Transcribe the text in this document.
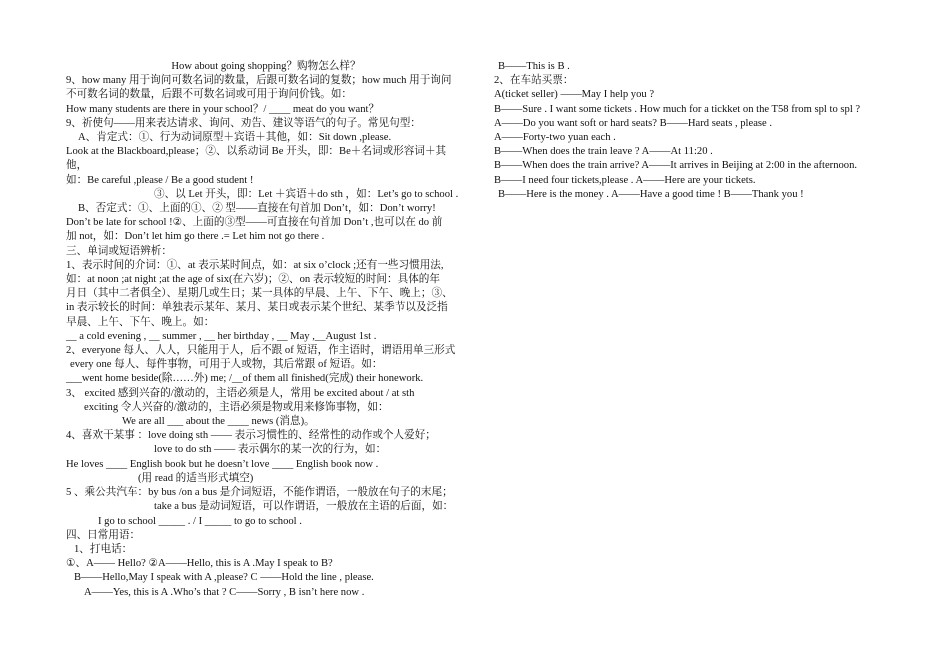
How about going shopping？购物怎么样？
9、how many 用于询问可数名词的数量，后跟可数名词的复数；how much 用于询问
不可数名词的数量，后跟不可数名词或可用于询问价钱。如：
How many students are there in your school？/ ____ meat do you want？
9、祈使句——用来表达请求、询问、劝告、建议等语气的句子。常见句型：
A、肯定式：①、行为动词原型＋宾语＋其他，如：Sit down ,please.
Look at the Blackboard,please；②、以系动词 Be 开头，即：Be＋名词或形容词＋其他，
如：Be careful ,please / Be a good student !
③、以 Let 开头，即：Let ＋宾语＋do sth ，如：Let’s go to school .
B、否定式：①、上面的①、② 型——直接在句首加 Don’t，如：Don’t worry!
Don’t be late for school !②、上面的③型——可直接在句首加 Don’t ,也可以在 do 前
加 not，如：Don’t let him go there .= Let him not go there .
三、单词或短语辨析：
1、表示时间的介词：①、at 表示某时间点，如：at six o’clock ;还有一些习惯用法,
如：at noon ;at night ;at the age of six(在六岁)；②、on 表示较短的时间：具体的年
月日（其中二者俱全）、星期几或生日；某一具体的早晨、上午、下午、晚上；③、
in 表示较长的时间：单独表示某年、某月、某日或表示某个世纪、某季节以及泛指
早晨、上午、下午、晚上。如：
__ a cold evening , __ summer , __ her birthday , __ May ,__August 1st .
2、everyone 每人、人人，只能用于人，后不跟 of 短语，作主语时，谓语用单三形式
every one 每人、每件事物，可用于人或物，其后常跟 of 短语。如：
___went home beside(除……外) me; /__of them all finished(完成) their honework.
3、 excited 感到兴奋的/激动的，主语必须是人，常用 be excited about / at sth
exciting 令人兴奋的/激动的，主语必须是物或用来修饰事物，如：
We are all ___ about the ____ news (消息)。
4、喜欢干某事 ：love doing sth —— 表示习惯性的、经常性的动作或个人爱好；
love to do sth —— 表示偶尔的某一次的行为，如：
He loves ____ English book but he doesn’t love ____ English book now .
(用 read 的适当形式填空)
5 、乘公共汽车：by bus /on a bus 是介词短语，不能作谓语，一般放在句子的末尾；
take a bus 是动词短语，可以作谓语，一般放在主语的后面，如：
I go to school _____ . / I _____ to go to school .
四、日常用语：
1、打电话：
①、A—— Hello? ②A——Hello, this is A .May I speak to B?
B——Hello,May I speak with A ,please? C ——Hold the line , please.
A——Yes, this is A .Who’s that ? C——Sorry , B isn’t here now .
B——This is B .
2、在车站买票：
A(ticket seller) ——May I help you ?
B——Sure . I want some tickets . How much for a tickket on the T58 from spl to spl ?
A——Do you want soft or hard seats? B——Hard seats , please .
A——Forty-two yuan each .
B——When does the train leave ? A——At 11:20 .
B——When does the train arrive? A——It arrives in Beijing at 2:00 in the afternoon.
B——I need four tickets,please . A——Here are your tickets.
B——Here is the money . A——Have a good time ! B——Thank you !
